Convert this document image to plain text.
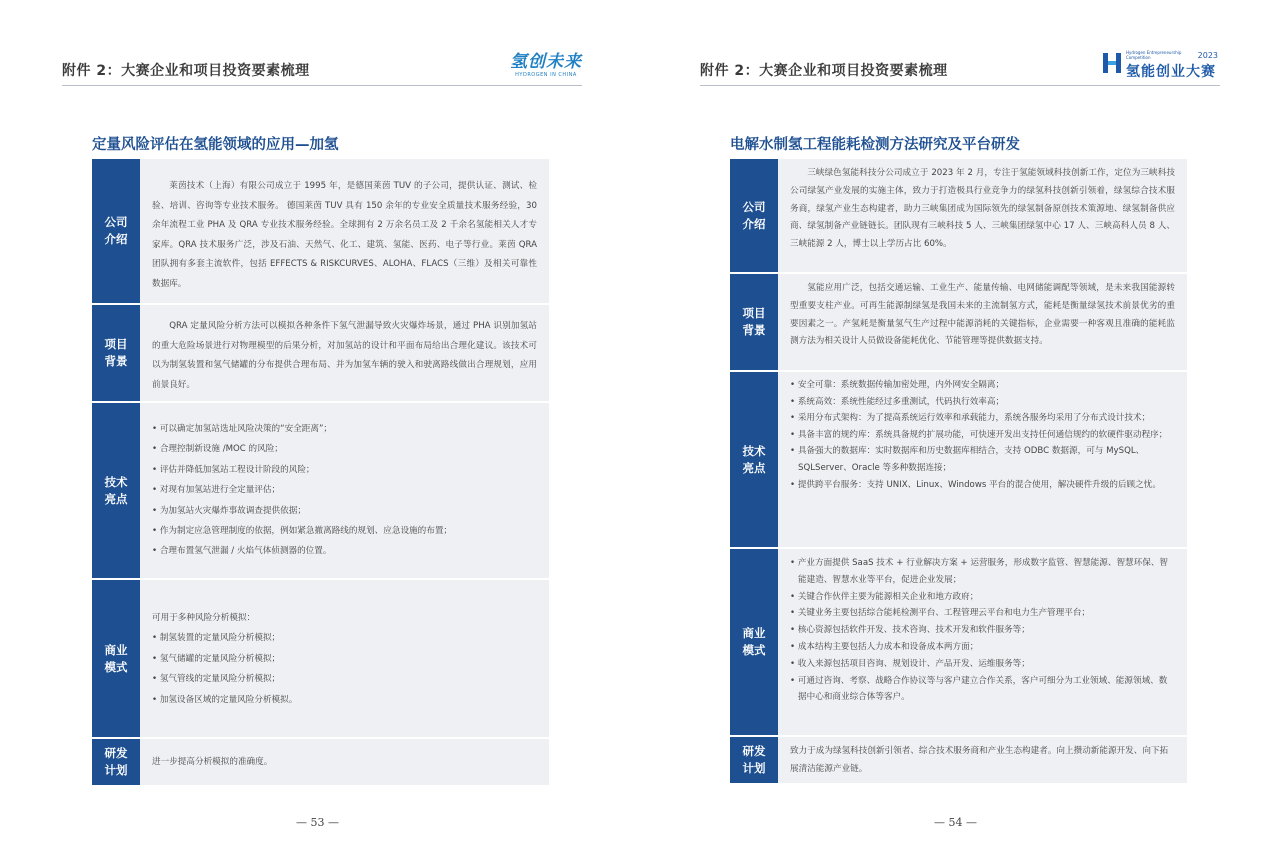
附件 2：大赛企业和项目投资要素梳理	氢创未来
HYDROGEN IN CHINA
定量风险评估在氢能领域的应用—加氢
公司介绍

莱茵技术（上海）有限公司成立于 1995 年，是德国莱茵 TUV 的子公司，提供认证、测试、检验、培训、咨询等专业技术服务。 德国莱茵 TUV 具有 150 余年的专业安全质量技术服务经验，30 余年流程工业 PHA 及 QRA 专业技术服务经验。全球拥有 2 万余名员工及 2 千余名氢能相关人才专家库。QRA 技术服务广泛，涉及石油、天然气、化工、建筑、氢能、医药、电子等行业。莱茵 QRA 团队拥有多套主流软件，包括 EFFECTS & RISKCURVES、ALOHA、FLACS（三维）及相关可靠性数据库。

项目背景

QRA 定量风险分析方法可以模拟各种条件下氢气泄漏导致火灾爆炸场景，通过 PHA 识别加氢站的重大危险场景进行对物理模型的后果分析，对加氢站的设计和平面布局给出合理化建议。该技术可以为制氢装置和氢气储罐的分布提供合理布局、并为加氢车辆的驶入和驶离路线做出合理规划，应用前景良好。

技术亮点
• 可以确定加氢站选址风险决策的“安全距离”；
• 合理控制新设施 /MOC 的风险；
• 评估并降低加氢站工程设计阶段的风险；
• 对现有加氢站进行全定量评估；
• 为加氢站火灾爆炸事故调查提供依据；
• 作为制定应急管理制度的依据，例如紧急撤离路线的规划、应急设施的布置；
• 合理布置氢气泄漏 / 火焰气体侦测器的位置。
商业模式
可用于多种风险分析模拟：
• 制氢装置的定量风险分析模拟；
• 氢气储罐的定量风险分析模拟；
• 氢气管线的定量风险分析模拟；
• 加氢设备区域的定量风险分析模拟。
研发计划
进一步提高分析模拟的准确度。
— 53 —
附件 2：大赛企业和项目投资要素梳理
Hydrogen Entrepreneurship Competition	2023
氢能创业大赛
电解水制氢工程能耗检测方法研究及平台研发
公司介绍

三峡绿色氢能科技分公司成立于 2023 年 2 月，专注于氢能领域科技创新工作，定位为三峡科技公司绿氢产业发展的实施主体，致力于打造极具行业竞争力的绿氢科技创新引领着，绿氢综合技术服务商，绿氢产业生态构建者，助力三峡集团成为国际领先的绿氢制备原创技术策源地、绿氢制备供应商、绿氢制备产业链链长。团队现有三峡科技 5 人、三峡集团绿氢中心 17 人、三峡高科人员 8 人、三峡能源 2 人，博士以上学历占比 60%。

项目背景

氢能应用广泛，包括交通运输、工业生产、能量传输、电网储能调配等领域，是未来我国能源转型重要支柱产业。可再生能源制绿氢是我国未来的主流制氢方式，能耗是衡量绿氢技术前景优劣的重要因素之一。产氢耗是衡量氢气生产过程中能源消耗的关键指标，企业需要一种客观且准确的能耗监测方法为相关设计人员做设备能耗优化、节能管理等提供数据支持。

技术亮点
• 安全可靠：系统数据传输加密处理，内外网安全隔离；
• 系统高效：系统性能经过多重测试，代码执行效率高；
• 采用分布式架构：为了提高系统运行效率和承载能力，系统各服务均采用了分布式设计技术；
• 具备丰富的规约库：系统具备规约扩展功能，可快速开发出支持任何通信规约的软硬件驱动程序；
• 具备强大的数据库：实时数据库和历史数据库相结合，支持 ODBC 数据源，可与 MySQL、SQLServer、Oracle 等多种数据连接；
• 提供跨平台服务：支持 UNIX、Linux、Windows 平台的混合使用，解决硬件升级的后顾之忧。
商业模式
• 产业方面提供 SaaS 技术 + 行业解决方案 + 运营服务，形成数字监管、智慧能源、智慧环保、智能建造、智慧水业等平台，促进企业发展；
• 关键合作伙伴主要为能源相关企业和地方政府；
• 关键业务主要包括综合能耗检测平台、工程管理云平台和电力生产管理平台；
• 核心资源包括软件开发、技术咨询、技术开发和软件服务等；
• 成本结构主要包括人力成本和设备成本两方面；
• 收入来源包括项目咨询、规划设计、产品开发、运维服务等；
• 可通过咨询、考察、战略合作协议等与客户建立合作关系，客户可细分为工业领域、能源领域、数据中心和商业综合体等客户。
研发计划
致力于成为绿氢科技创新引领者、综合技术服务商和产业生态构建者。向上攒动新能源开发、向下拓展清洁能源产业链。
— 54 —
